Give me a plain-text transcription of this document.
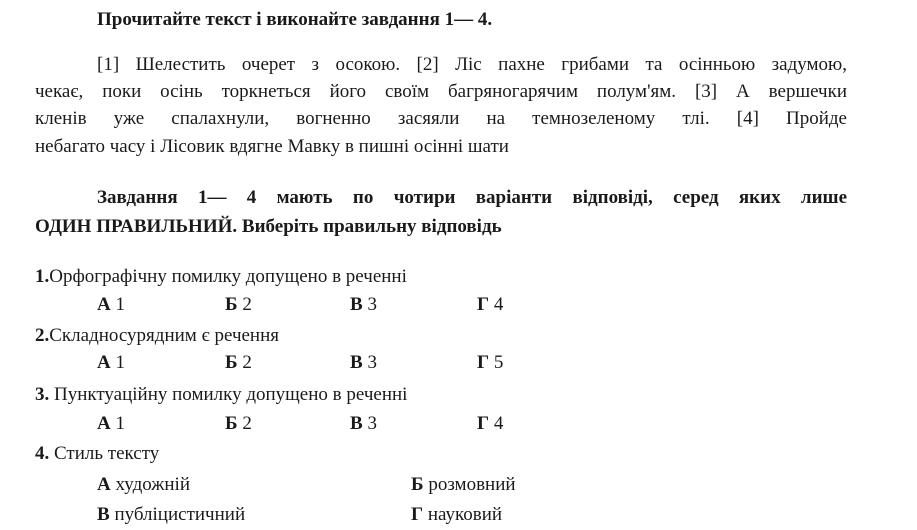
Прочитайте текст і виконайте завдання 1— 4.
[1] Шелестить очерет з осокою. [2] Ліс пахне грибами та осінньою задумою,
чекає, поки осінь торкнеться його своїм багряногарячим полум'ям. [3] А вершечки
кленів уже спалахнули, вогненно засяяли на темнозеленому тлі. [4] Пройде
небагато часу і Лісовик вдягне Мавку в пишні осінні шати
Завдання 1— 4 мають по чотири варіанти відповіді, серед яких лише
ОДИН ПРАВИЛЬНИЙ. Виберіть правильну відповідь
1.Орфографічну помилку допущено в реченні
А 1	Б 2	В 3	Г 4
2.Складносурядним є речення
А 1	Б 2	В 3	Г 5
3. Пунктуаційну помилку допущено в реченні
А 1	Б 2	В 3	Г 4
4. Стиль тексту
А художній	Б розмовний
В публіцистичний	Г науковий
